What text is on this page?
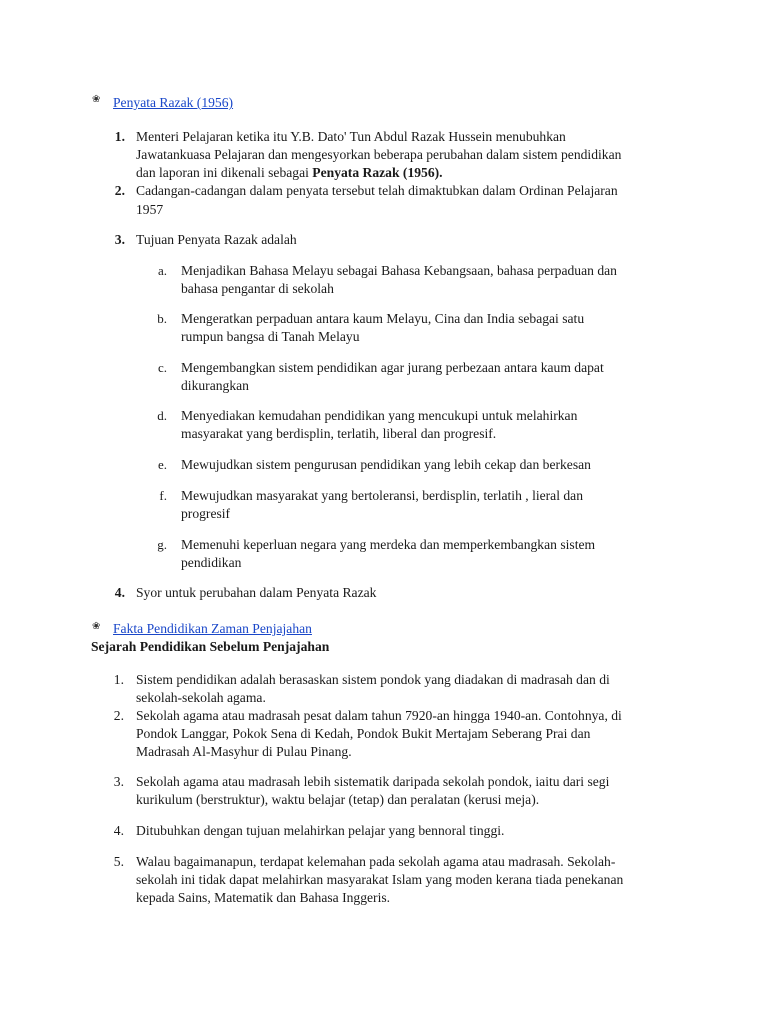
❀ Penyata Razak (1956)
1. Menteri Pelajaran ketika itu Y.B. Dato' Tun Abdul Razak Hussein menubuhkan
Jawatankuasa Pelajaran dan mengesyorkan beberapa perubahan dalam sistem pendidikan
dan laporan ini dikenali sebagai Penyata Razak (1956).
2. Cadangan-cadangan dalam penyata tersebut telah dimaktubkan dalam Ordinan Pelajaran
1957
3. Tujuan Penyata Razak adalah
a. Menjadikan Bahasa Melayu sebagai Bahasa Kebangsaan, bahasa perpaduan dan
bahasa pengantar di sekolah
b. Mengeratkan perpaduan antara kaum Melayu, Cina dan India sebagai satu
rumpun bangsa di Tanah Melayu
c. Mengembangkan sistem pendidikan agar jurang perbezaan antara kaum dapat
dikurangkan
d. Menyediakan kemudahan pendidikan yang mencukupi untuk melahirkan
masyarakat yang berdisplin, terlatih, liberal dan progresif.
e. Mewujudkan sistem pengurusan pendidikan yang lebih cekap dan berkesan
f. Mewujudkan masyarakat yang bertoleransi, berdisplin, terlatih , lieral dan
progresif
g. Memenuhi keperluan negara yang merdeka dan memperkembangkan sistem
pendidikan
4. Syor untuk perubahan dalam Penyata Razak
❀ Fakta Pendidikan Zaman Penjajahan
Sejarah Pendidikan Sebelum Penjajahan
1. Sistem pendidikan adalah berasaskan sistem pondok yang diadakan di madrasah dan di
sekolah-sekolah agama.
2. Sekolah agama atau madrasah pesat dalam tahun 7920-an hingga 1940-an. Contohnya, di
Pondok Langgar, Pokok Sena di Kedah, Pondok Bukit Mertajam Seberang Prai dan
Madrasah Al-Masyhur di Pulau Pinang.
3. Sekolah agama atau madrasah lebih sistematik daripada sekolah pondok, iaitu dari segi
kurikulum (berstruktur), waktu belajar (tetap) dan peralatan (kerusi meja).
4. Ditubuhkan dengan tujuan melahirkan pelajar yang bennoral tinggi.
5. Walau bagaimanapun, terdapat kelemahan pada sekolah agama atau madrasah. Sekolah-
sekolah ini tidak dapat melahirkan masyarakat Islam yang moden kerana tiada penekanan
kepada Sains, Matematik dan Bahasa Inggeris.
